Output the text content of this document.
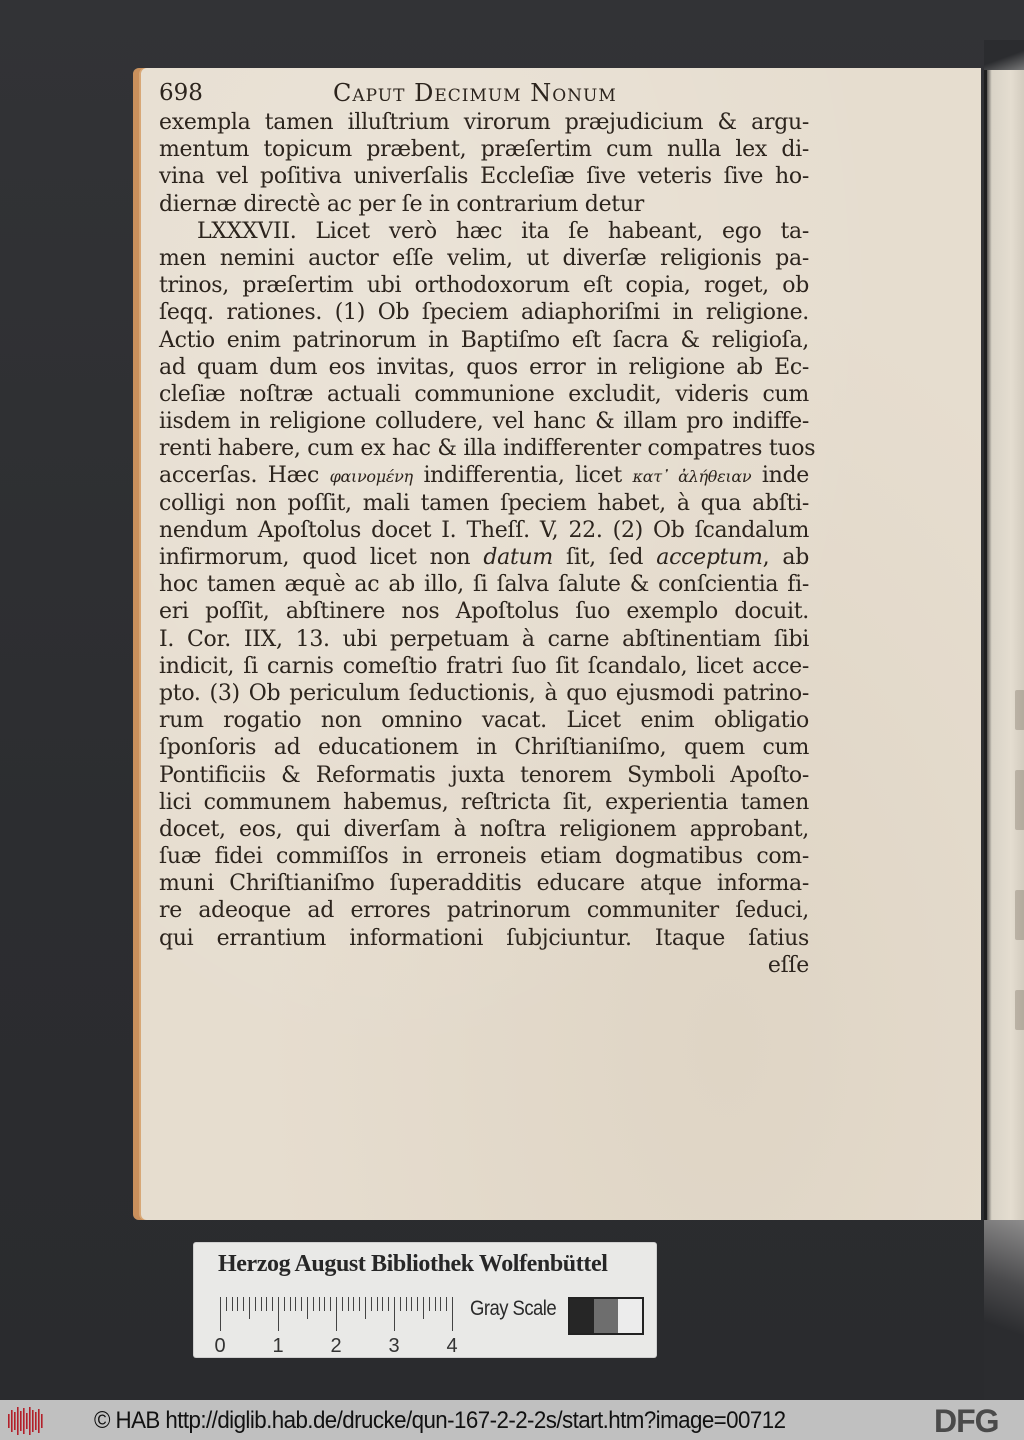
698	Caput Decimum Nonum
exempla tamen illuſtrium virorum præjudicium & argu-
mentum topicum præbent, præſertim cum nulla lex di-
vina vel poſitiva univerſalis Eccleſiæ ſive veteris ſive ho-
diernæ directè ac per ſe in contrarium detur
LXXXVII. Licet verò hæc ita ſe habeant, ego ta-
men nemini auctor eſſe velim, ut diverſæ religionis pa-
trinos, præſertim ubi orthodoxorum eſt copia, roget, ob
ſeqq. rationes. (1) Ob ſpeciem adiaphoriſmi in religione.
Actio enim patrinorum in Baptiſmo eſt ſacra & religioſa,
ad quam dum eos invitas, quos error in religione ab Ec-
cleſiæ noſtræ actuali communione excludit, videris cum
iisdem in religione colludere, vel hanc & illam pro indiffe-
renti habere, cum ex hac & illa indifferenter compatres tuos
accerſas. Hæc φαινομένη indifferentia, licet κατ᾽ ἀλήθειαν inde
colligi non poſſit, mali tamen ſpeciem habet, à qua abſti-
nendum Apoſtolus docet I. Theſſ. V, 22. (2) Ob ſcandalum
infirmorum, quod licet non datum ſit, ſed acceptum, ab
hoc tamen æquè ac ab illo, ſi ſalva ſalute & conſcientia fi-
eri poſſit, abſtinere nos Apoſtolus ſuo exemplo docuit.
I. Cor. IIX, 13. ubi perpetuam à carne abſtinentiam ſibi
indicit, ſi carnis comeſtio fratri ſuo ſit ſcandalo, licet acce-
pto. (3) Ob periculum ſeductionis, à quo ejusmodi patrino-
rum rogatio non omnino vacat. Licet enim obligatio
ſponſoris ad educationem in Chriſtianiſmo, quem cum
Pontificiis & Reformatis juxta tenorem Symboli Apoſto-
lici communem habemus, reſtricta ſit, experientia tamen
docet, eos, qui diverſam à noſtra religionem approbant,
ſuæ fidei commiſſos in erroneis etiam dogmatibus com-
muni Chriſtianiſmo ſuperadditis educare atque informa-
re adeoque ad errores patrinorum communiter ſeduci,
qui errantium informationi ſubjciuntur. Itaque ſatius
eſſe
Herzog August Bibliothek Wolfenbüttel
0 1 2 3 4
Gray Scale
© HAB http://diglib.hab.de/drucke/qun-167-2-2-2s/start.htm?image=00712	DFG
